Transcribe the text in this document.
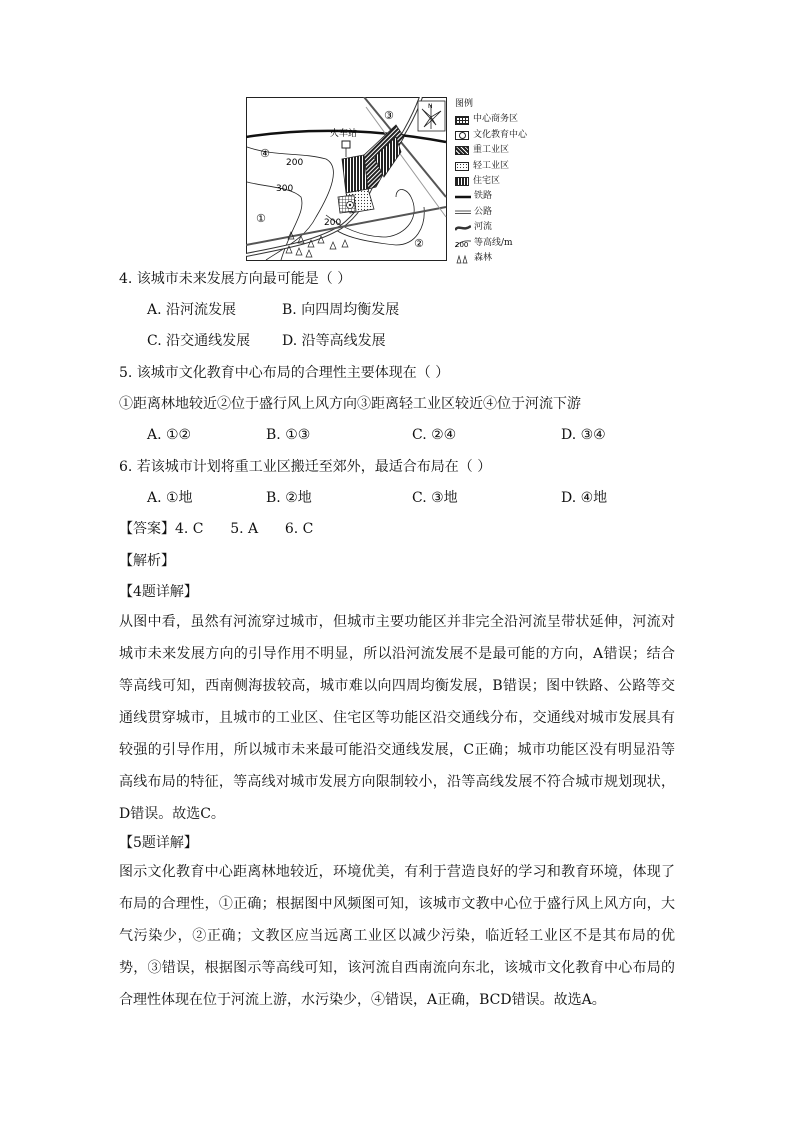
火车站
200
300
200
①
②
③
④
N	图例
中心商务区
文化教育中心
重工业区
轻工业区
住宅区
铁路
公路
河流
200 等高线/m
森林
4. 该城市未来发展方向最可能是（ ）
A. 沿河流发展	B. 向四周均衡发展
C. 沿交通线发展 D. 沿等高线发展
5. 该城市文化教育中心布局的合理性主要体现在（ ）
①距离林地较近②位于盛行风上风方向③距离轻工业区较近④位于河流下游
A. ①②	B. ①③	C. ②④	D. ③④
6. 若该城市计划将重工业区搬迁至郊外，最适合布局在（ ）
A. ①地	B. ②地	C. ③地	D. ④地
【答案】4. C      5. A      6. C
【解析】
【4题详解】
从图中看，虽然有河流穿过城市，但城市主要功能区并非完全沿河流呈带状延伸，河流对城市未来发展方向的引导作用不明显，所以沿河流发展不是最可能的方向，A错误；结合等高线可知，西南侧海拔较高，城市难以向四周均衡发展，B错误；图中铁路、公路等交通线贯穿城市，且城市的工业区、住宅区等功能区沿交通线分布，交通线对城市发展具有较强的引导作用，所以城市未来最可能沿交通线发展，C正确；城市功能区没有明显沿等高线布局的特征，等高线对城市发展方向限制较小，沿等高线发展不符合城市规划现状，D错误。故选C。
【5题详解】
图示文化教育中心距离林地较近，环境优美，有利于营造良好的学习和教育环境，体现了布局的合理性，①正确；根据图中风频图可知，该城市文教中心位于盛行风上风方向，大气污染少，②正确；文教区应当远离工业区以减少污染，临近轻工业区不是其布局的优势，③错误，根据图示等高线可知，该河流自西南流向东北，该城市文化教育中心布局的合理性体现在位于河流上游，水污染少，④错误，A正确，BCD错误。故选A。
